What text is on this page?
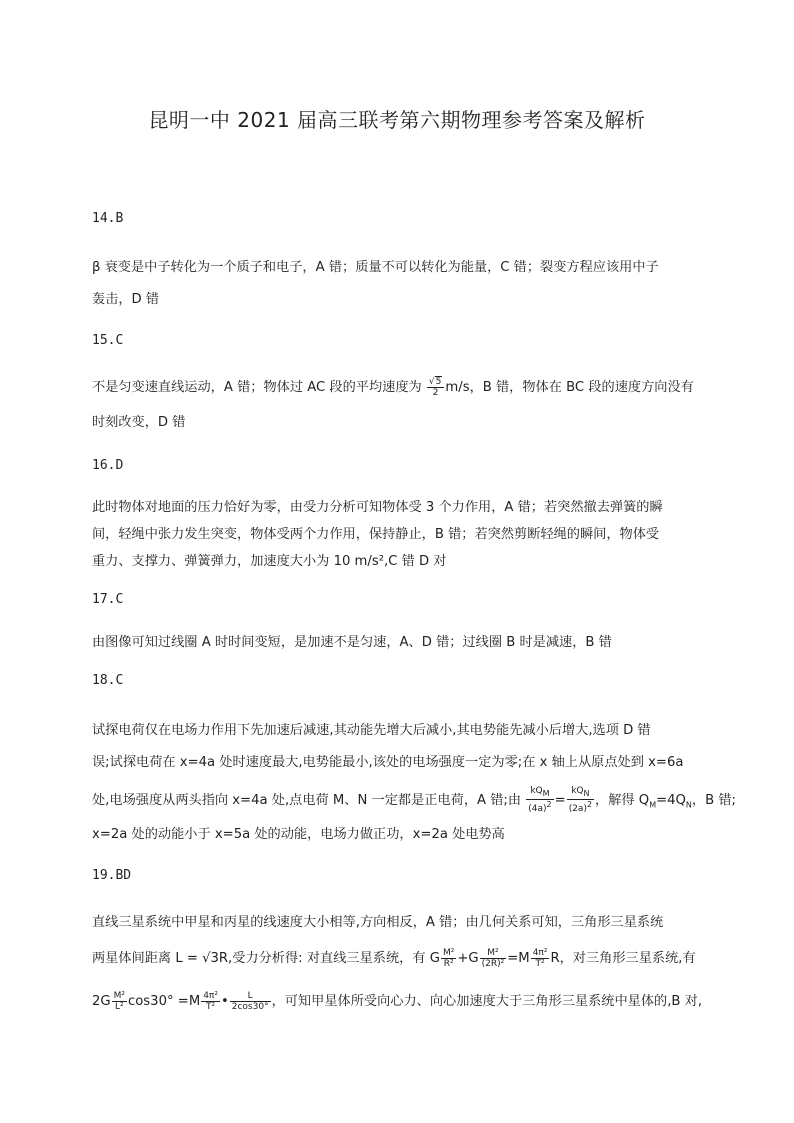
昆明一中 2021 届高三联考第六期物理参考答案及解析
14.B
β 衰变是中子转化为一个质子和电子，A 错；质量不可以转化为能量，C 错；裂变方程应该用中子
轰击，D 错
15.C
不是匀变速直线运动，A 错；物体过 AC 段的平均速度为 $\frac{√5}{2} m/s$，B 错，物体在 BC 段的速度方向没有
时刻改变，D 错
16.D
此时物体对地面的压力恰好为零，由受力分析可知物体受 3 个力作用，A 错；若突然撤去弹簧的瞬
间，轻绳中张力发生突变，物体受两个力作用，保持静止，B 错；若突然剪断轻绳的瞬间，物体受
重力、支撑力、弹簧弹力，加速度大小为 10 m/s²,C 错 D 对
17.C
由图像可知过线圈 A 时时间变短，是加速不是匀速，A、D 错；过线圈 B 时是减速，B 错
18.C
试探电荷仅在电场力作用下先加速后减速,其动能先增大后减小,其电势能先减小后增大,选项 D 错
误;试探电荷在 x=4a 处时速度最大,电势能最小,该处的电场强度一定为零;在 x 轴上从原点处到 x=6a
处,电场强度从两头指向 x=4a 处,点电荷 M、N 一定都是正电荷，A 错;由 $\frac{kQ_M}{(4a)^2} = \frac{kQ_N}{(2a)^2}$ ，解得 $Q_M=4Q_N$，B 错;
x=2a 处的动能小于 x=5a 处的动能，电场力做正功，x=2a 处电势高
19.BD
直线三星系统中甲星和丙星的线速度大小相等,方向相反，A 错；由几何关系可知，三角形三星系统
两星体间距离 L = √3R,受力分析得: 对直线三星系统，有 G $\frac{\text{M²}}{\text{R²}} +G \frac{\text{M²}}{\text{(2R)²}} =M \frac{\text{4π²}}{\text{T²}}$ R，对三角形三星系统,有
$2G \frac{\text{M²}}{\text{L²}} \cos 30^\circ =M \frac{\text{4π²}}{\text{T²}}$ • $\frac{L}{2\cos 30^\circ}$ ，可知甲星体所受向心力、向心加速度大于三角形三星系统中星体的,B 对,
